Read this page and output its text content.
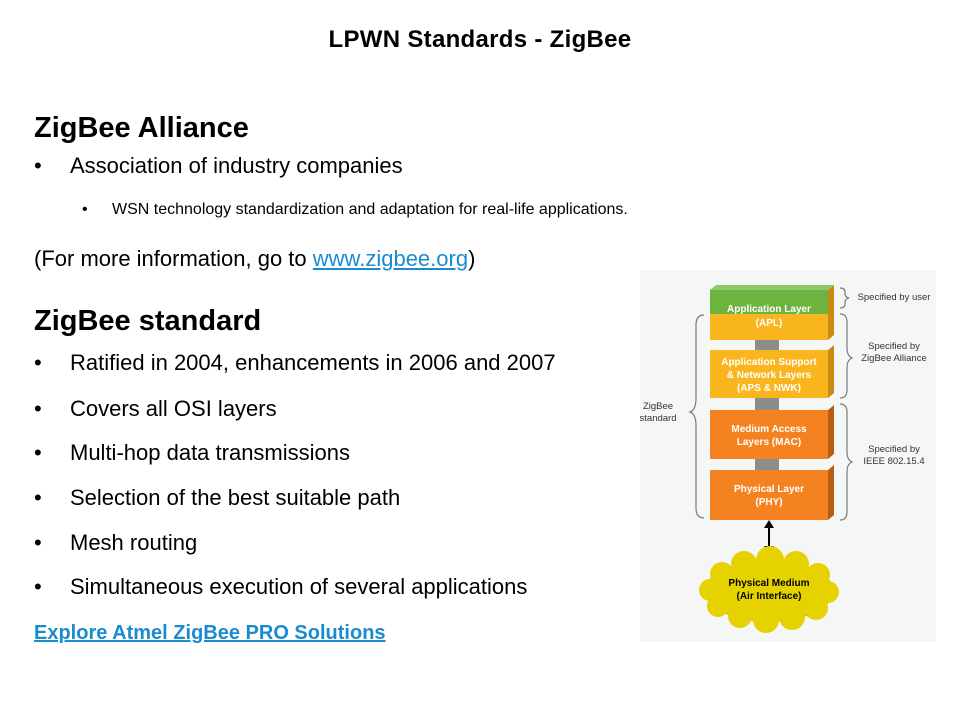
LPWN Standards - ZigBee
ZigBee Alliance
•	Association of industry companies
•	WSN technology standardization and adaptation for real-life applications.
(For more information, go to www.zigbee.org)
ZigBee standard
•	Ratified in 2004, enhancements in 2006 and 2007
•	Covers all OSI layers
•	Multi-hop data transmissions
•	Selection of the best suitable path
•	Mesh routing
•	Simultaneous execution of several applications
Explore Atmel ZigBee PRO Solutions
Application Layer
(APL)
Application Support
& Network Layers
(APS & NWK)
Medium Access
Layers (MAC)
Physical Layer
(PHY)
Physical Medium
(Air Interface)
ZigBee
standard
Specified by user
Specified by
ZigBee Alliance
Specified by
IEEE 802.15.4
